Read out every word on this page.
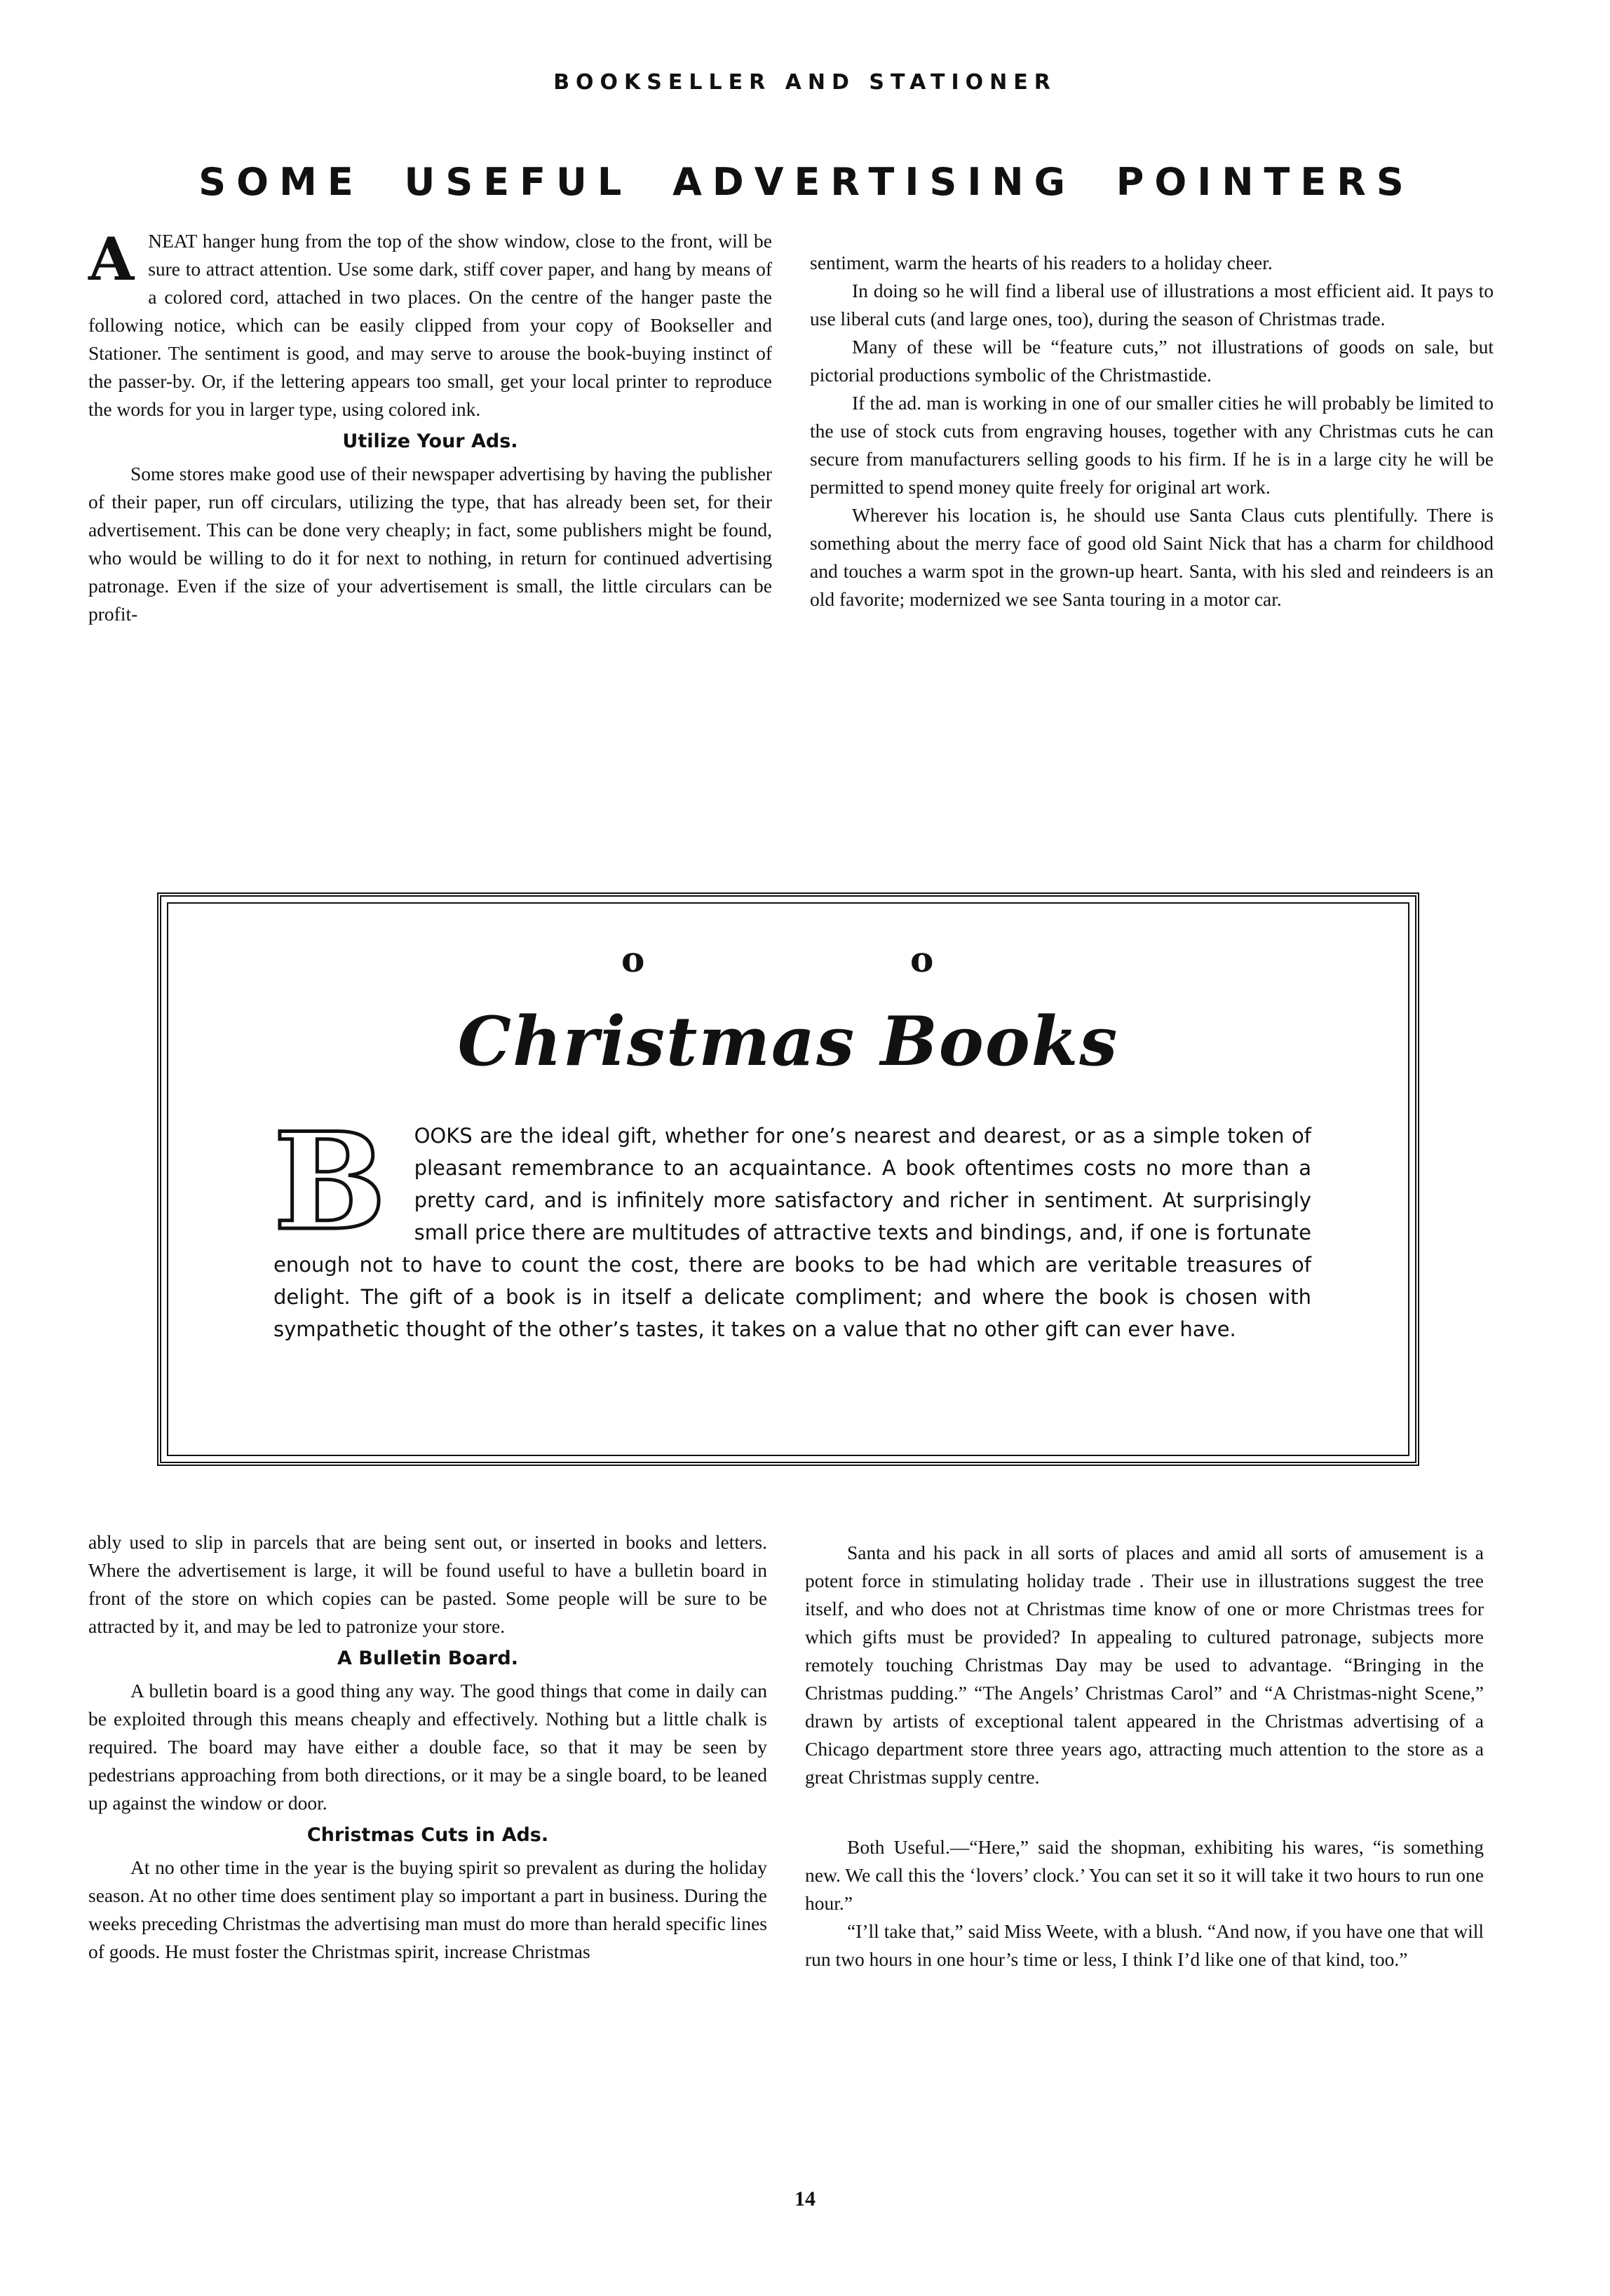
BOOKSELLER AND STATIONER
SOME USEFUL ADVERTISING POINTERS

ANEAT hanger hung from the top of the show window, close to the front, will be sure to attract attention. Use some dark, stiff cover paper, and hang by means of a colored cord, attached in two places. On the centre of the hanger paste the following notice, which can be easily clipped from your copy of Bookseller and Stationer. The sentiment is good, and may serve to arouse the book-buying instinct of the passer-by. Or, if the lettering appears too small, get your local printer to reproduce the words for you in larger type, using colored ink.

Utilize Your Ads.

Some stores make good use of their newspaper advertising by having the publisher of their paper, run off circulars, utilizing the type, that has already been set, for their advertisement. This can be done very cheaply; in fact, some publishers might be found, who would be willing to do it for next to nothing, in return for continued advertising patronage. Even if the size of your advertisement is small, the little circulars can be profit-

sentiment, warm the hearts of his readers to a holiday cheer.

In doing so he will find a liberal use of illustrations a most efficient aid. It pays to use liberal cuts (and large ones, too), during the season of Christmas trade.

Many of these will be “feature cuts,” not illustrations of goods on sale, but pictorial productions symbolic of the Christmastide.

If the ad. man is working in one of our smaller cities he will probably be limited to the use of stock cuts from engraving houses, together with any Christmas cuts he can secure from manufacturers selling goods to his firm. If he is in a large city he will be permitted to spend money quite freely for original art work.

Wherever his location is, he should use Santa Claus cuts plentifully. There is something about the merry face of good old Saint Nick that has a charm for childhood and touches a warm spot in the grown-up heart. Santa, with his sled and reindeers is an old favorite; modernized we see Santa touring in a motor car.

o	o
Christmas Books
B OOKS are the ideal gift, whether for one’s nearest and dearest, or as a simple token of pleasant remembrance to an acquaintance. A book oftentimes costs no more than a pretty card, and is infinitely more satisfactory and richer in sentiment. At surprisingly small price there are multitudes of attractive texts and bindings, and, if one is fortunate enough not to have to count the cost, there are books to be had which are veritable treasures of delight. The gift of a book is in itself a delicate compliment; and where the book is chosen with sympathetic thought of the other’s tastes, it takes on a value that no other gift can ever have.

ably used to slip in parcels that are being sent out, or inserted in books and letters. Where the advertisement is large, it will be found useful to have a bulletin board in front of the store on which copies can be pasted. Some people will be sure to be attracted by it, and may be led to patronize your store.

A Bulletin Board.

A bulletin board is a good thing any way. The good things that come in daily can be exploited through this means cheaply and effectively. Nothing but a little chalk is required. The board may have either a double face, so that it may be seen by pedestrians approaching from both directions, or it may be a single board, to be leaned up against the window or door.

Christmas Cuts in Ads.

At no other time in the year is the buying spirit so prevalent as during the holiday season. At no other time does sentiment play so important a part in business. During the weeks preceding Christmas the advertising man must do more than herald specific lines of goods. He must foster the Christmas spirit, increase Christmas

Santa and his pack in all sorts of places and amid all sorts of amusement is a potent force in stimulating holiday trade . Their use in illustrations suggest the tree itself, and who does not at Christmas time know of one or more Christmas trees for which gifts must be provided? In appealing to cultured patronage, subjects more remotely touching Christmas Day may be used to advantage. “Bringing in the Christmas pudding.” “The Angels’ Christmas Carol” and “A Christmas-night Scene,” drawn by artists of exceptional talent appeared in the Christmas advertising of a Chicago department store three years ago, attracting much attention to the store as a great Christmas supply centre.

Both Useful.—“Here,” said the shopman, exhibiting his wares, “is something new. We call this the ‘lovers’ clock.’ You can set it so it will take it two hours to run one hour.”

“I’ll take that,” said Miss Weete, with a blush. “And now, if you have one that will run two hours in one hour’s time or less, I think I’d like one of that kind, too.”

14
